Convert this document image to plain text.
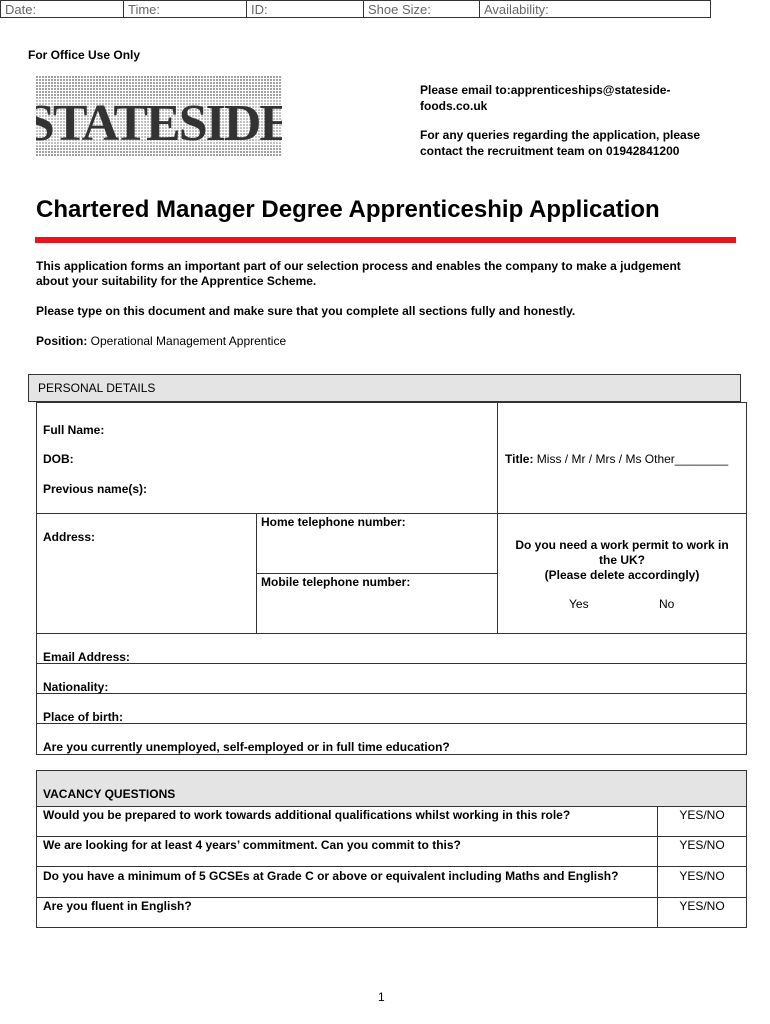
Date:	Time:	ID:	Shoe Size:	Availability:
For Office Use Only
STATESIDE
Please email to:apprenticeships@stateside-
foods.co.uk
For any queries regarding the application, please
contact the recruitment team on 01942841200
Chartered Manager Degree Apprenticeship Application
This application forms an important part of our selection process and enables the company to make a judgement
about your suitability for the Apprentice Scheme.
Please type on this document and make sure that you complete all sections fully and honestly.
Position: Operational Management Apprentice
PERSONAL DETAILS
Full Name:
DOB:
Previous name(s):
Title: Miss / Mr / Mrs / Ms Other________
Address:
Home telephone number:
Mobile telephone number:
Do you need a work permit to work in
the UK?
(Please delete accordingly)
Yes	No
Email Address:
Nationality:
Place of birth:
Are you currently unemployed, self-employed or in full time education?
VACANCY QUESTIONS
Would you be prepared to work towards additional qualifications whilst working in this role?	YES/NO
We are looking for at least 4 years’ commitment. Can you commit to this?	YES/NO
Do you have a minimum of 5 GCSEs at Grade C or above or equivalent including Maths and English?	YES/NO
Are you fluent in English?	YES/NO
1
